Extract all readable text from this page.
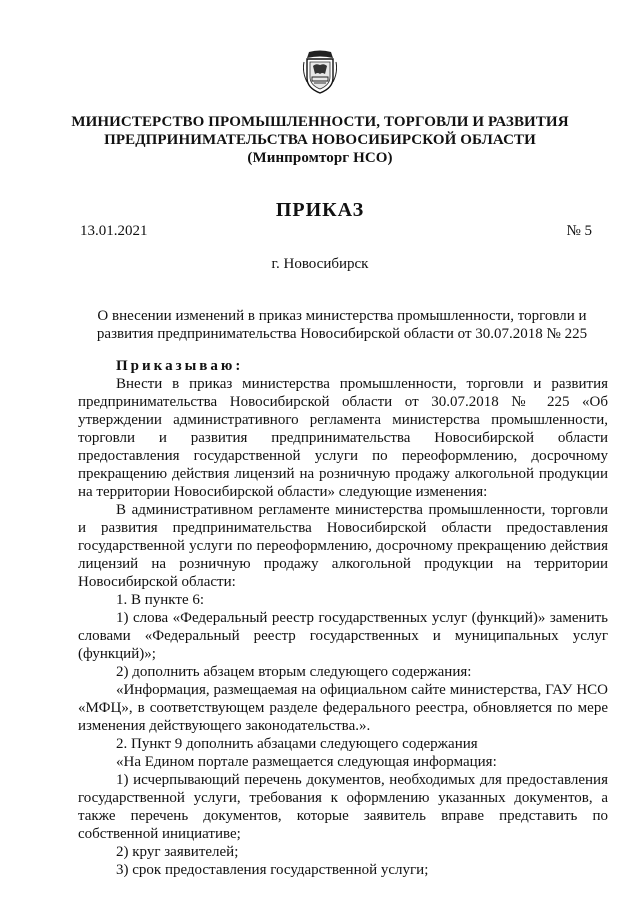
МИНИСТЕРСТВО ПРОМЫШЛЕННОСТИ, ТОРГОВЛИ И РАЗВИТИЯ
ПРЕДПРИНИМАТЕЛЬСТВА НОВОСИБИРСКОЙ ОБЛАСТИ
(Минпромторг НСО)
ПРИКАЗ
13.01.2021	№ 5
г. Новосибирск
О внесении изменений в приказ министерства промышленности, торговли и развития предпринимательства Новосибирской области от 30.07.2018 № 225

Приказываю:

Внести в приказ министерства промышленности, торговли и развития предпринимательства Новосибирской области от 30.07.2018 № 225 «Об утверждении административного регламента министерства промышленности, торговли и развития предпринимательства Новосибирской области предоставления государственной услуги по переоформлению, досрочному прекращению действия лицензий на розничную продажу алкогольной продукции на территории Новосибирской области» следующие изменения:

В административном регламенте министерства промышленности, торговли и развития предпринимательства Новосибирской области предоставления государственной услуги по переоформлению, досрочному прекращению действия лицензий на розничную продажу алкогольной продукции на территории Новосибирской области:

1. В пункте 6:

1) слова «Федеральный реестр государственных услуг (функций)» заменить словами «Федеральный реестр государственных и муниципальных услуг (функций)»;

2) дополнить абзацем вторым следующего содержания:

«Информация, размещаемая на официальном сайте министерства, ГАУ НСО «МФЦ», в соответствующем разделе федерального реестра, обновляется по мере изменения действующего законодательства.».

2. Пункт 9 дополнить абзацами следующего содержания

«На Едином портале размещается следующая информация:

1) исчерпывающий перечень документов, необходимых для предоставления государственной услуги, требования к оформлению указанных документов, а также перечень документов, которые заявитель вправе представить по собственной инициативе;

2) круг заявителей;

3) срок предоставления государственной услуги;
